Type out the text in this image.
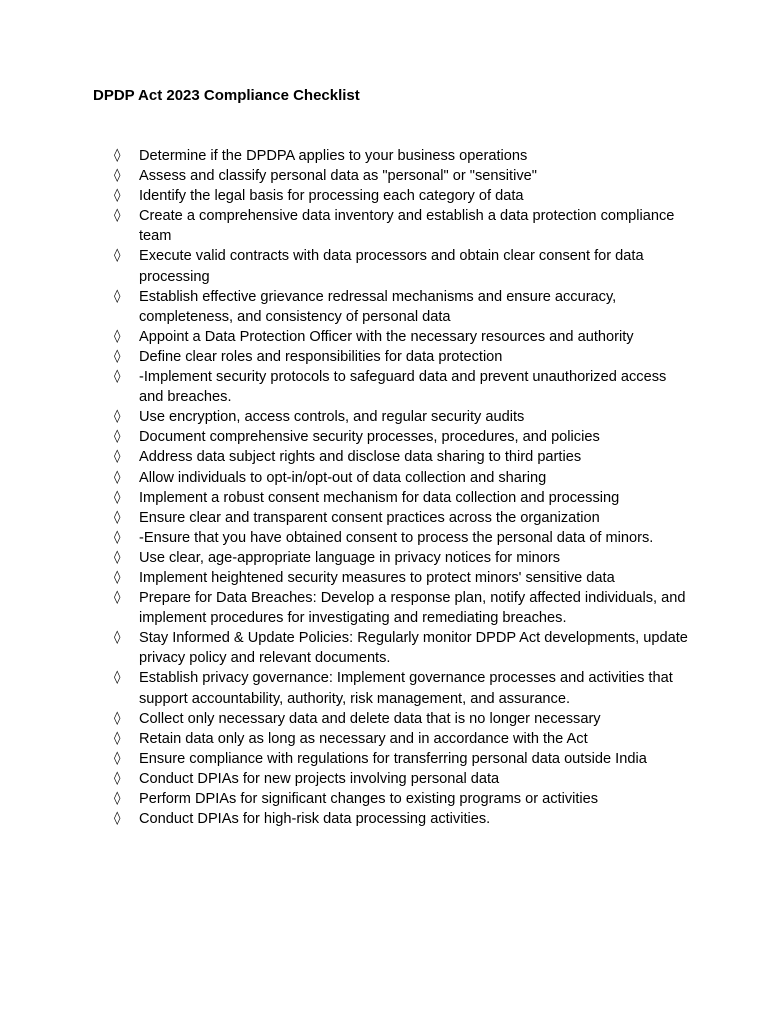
DPDP Act 2023 Compliance Checklist
◊	Determine if the DPDPA applies to your business operations
◊	Assess and classify personal data as "personal" or "sensitive"
◊	Identify the legal basis for processing each category of data
◊	Create a comprehensive data inventory and establish a data protection compliance team
◊	Execute valid contracts with data processors and obtain clear consent for data processing
◊	Establish effective grievance redressal mechanisms and ensure accuracy, completeness, and consistency of personal data
◊	Appoint a Data Protection Officer with the necessary resources and authority
◊	Define clear roles and responsibilities for data protection
◊	-Implement security protocols to safeguard data and prevent unauthorized access and breaches.
◊	Use encryption, access controls, and regular security audits
◊	Document comprehensive security processes, procedures, and policies
◊	Address data subject rights and disclose data sharing to third parties
◊	Allow individuals to opt-in/opt-out of data collection and sharing
◊	Implement a robust consent mechanism for data collection and processing
◊	Ensure clear and transparent consent practices across the organization
◊	-Ensure that you have obtained consent to process the personal data of minors.
◊	Use clear, age-appropriate language in privacy notices for minors
◊	Implement heightened security measures to protect minors' sensitive data
◊	Prepare for Data Breaches: Develop a response plan, notify affected individuals, and implement procedures for investigating and remediating breaches.
◊	Stay Informed & Update Policies: Regularly monitor DPDP Act developments, update privacy policy and relevant documents.
◊	Establish privacy governance: Implement governance processes and activities that support accountability, authority, risk management, and assurance.
◊	Collect only necessary data and delete data that is no longer necessary
◊	Retain data only as long as necessary and in accordance with the Act
◊	Ensure compliance with regulations for transferring personal data outside India
◊	Conduct DPIAs for new projects involving personal data
◊	Perform DPIAs for significant changes to existing programs or activities
◊	Conduct DPIAs for high-risk data processing activities.
